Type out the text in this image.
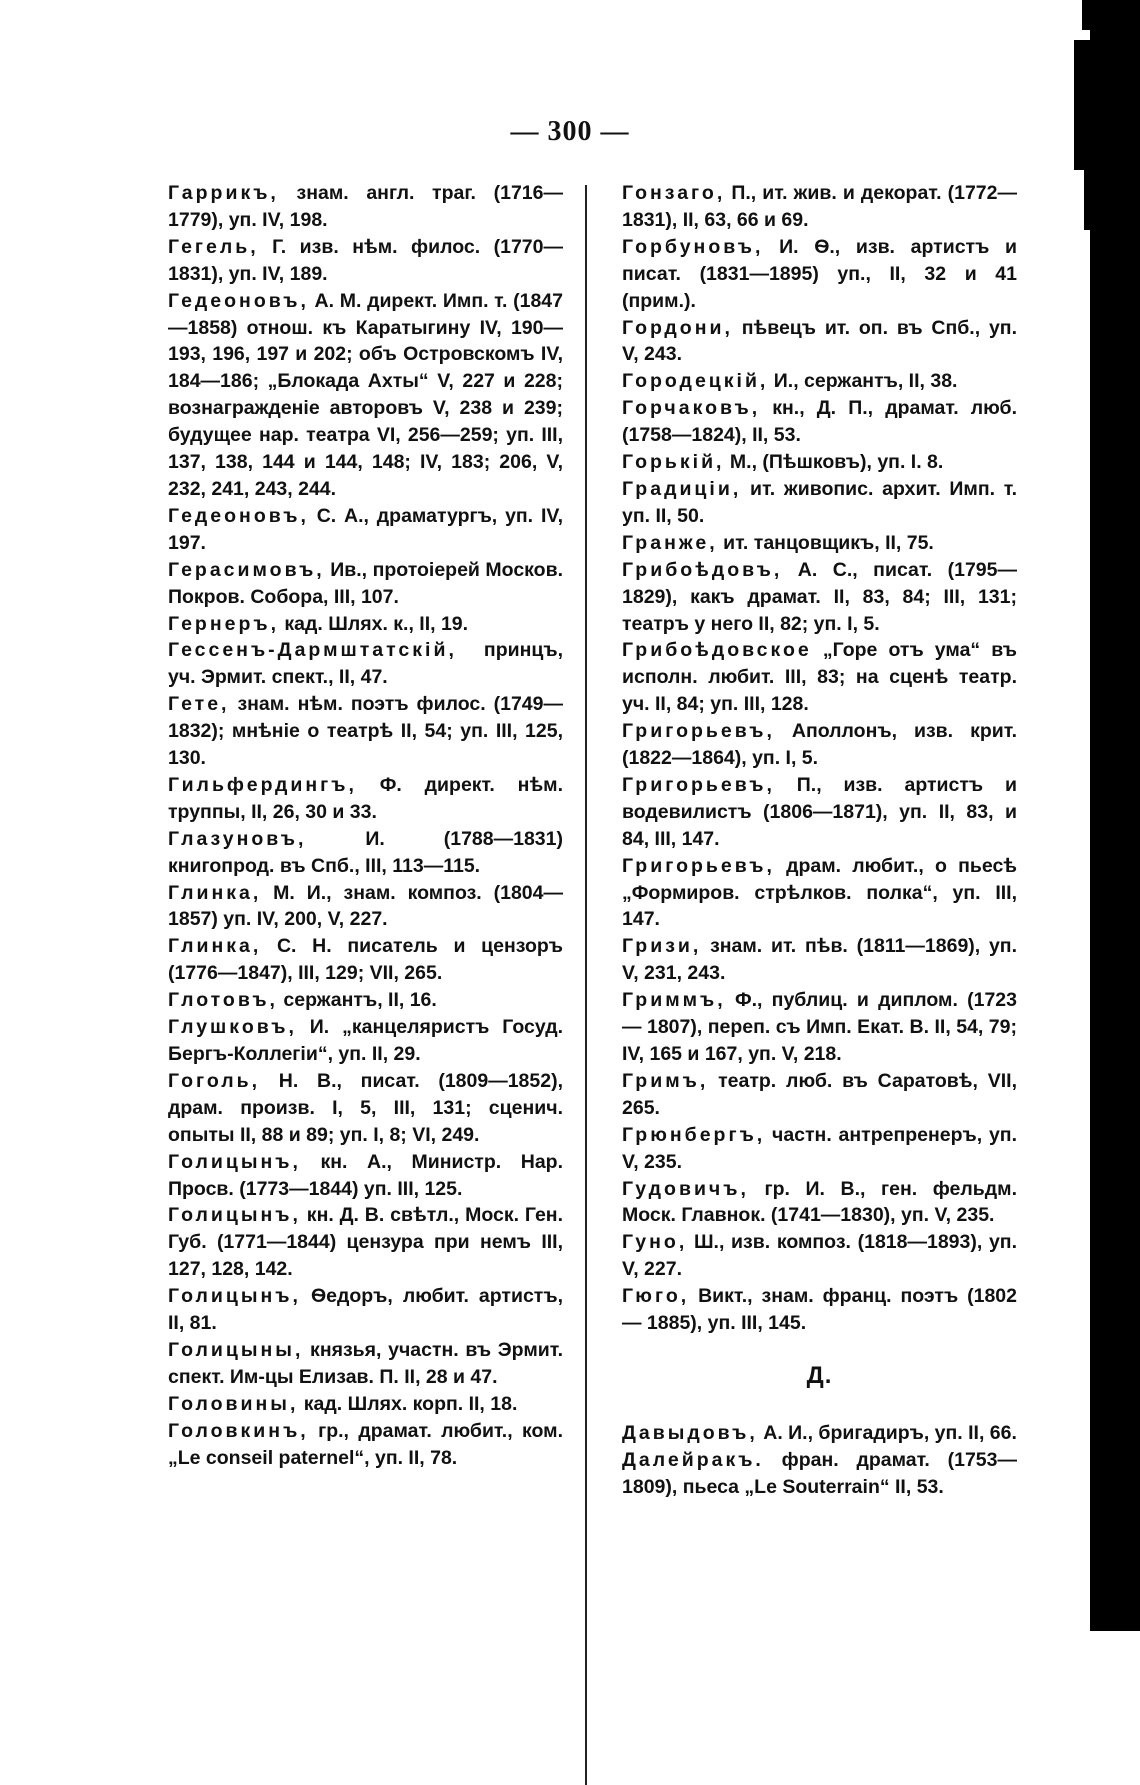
— 300 —
Гаррикъ, знам. англ. траг. (1716—1779), уп. IV, 198.
Гегель, Г. изв. нѣм. филос. (1770— 1831), уп. IV, 189.
Гедеоновъ, А. М. директ. Имп. т. (1847—1858) отнош. къ Каратыгину IV, 190—193, 196, 197 и 202; объ Островскомъ IV, 184—186; „Блокада Ахты“ V, 227 и 228; вознагражденіе авторовъ V, 238 и 239; будущее нар. театра VI, 256—259; уп. III, 137, 138, 144 и 144, 148; IV, 183; 206, V, 232, 241, 243, 244.
Гедеоновъ, С. А., драматургъ, уп. IV, 197.
Герасимовъ, Ив., протоіерей Москов. Покров. Собора, III, 107.
Гернеръ, кад. Шлях. к., II, 19.
Гессенъ-Дармштатскій, принцъ, уч. Эрмит. спект., II, 47.
Гете, знам. нѣм. поэтъ филос. (1749— 1832); мнѣніе о театрѣ II, 54; уп. III, 125, 130.
Гильфердингъ, Ф. директ. нѣм. труппы, II, 26, 30 и 33.
Глазуновъ, И. (1788—1831) книгопрод. въ Спб., III, 113—115.
Глинка, М. И., знам. композ. (1804— 1857) уп. IV, 200, V, 227.
Глинка, С. Н. писатель и цензоръ (1776—1847), III, 129; VII, 265.
Глотовъ, сержантъ, II, 16.
Глушковъ, И. „канцеляристъ Госуд. Бергъ-Коллегіи“, уп. II, 29.
Гоголь, Н. В., писат. (1809—1852), драм. произв. I, 5, III, 131; сценич. опыты II, 88 и 89; уп. I, 8; VI, 249.
Голицынъ, кн. А., Министр. Нар. Просв. (1773—1844) уп. III, 125.
Голицынъ, кн. Д. В. свѣтл., Моск. Ген. Губ. (1771—1844) цензура при немъ III, 127, 128, 142.
Голицынъ, Ѳедоръ, любит. артистъ, II, 81.
Голицыны, князья, участн. въ Эрмит. спект. Им-цы Елизав. П. II, 28 и 47.
Головины, кад. Шлях. корп. II, 18.
Головкинъ, гр., драмат. любит., ком. „Le conseil paternel“, уп. II, 78.
Гонзаго, П., ит. жив. и декорат. (1772— 1831), II, 63, 66 и 69.
Горбуновъ, И. Ѳ., изв. артистъ и писат. (1831—1895) уп., II, 32 и 41 (прим.).
Гордони, пѣвецъ ит. оп. въ Спб., уп. V, 243.
Городецкій, И., сержантъ, II, 38.
Горчаковъ, кн., Д. П., драмат. люб. (1758—1824), II, 53.
Горькій, М., (Пѣшковъ), уп. I. 8.
Градиціи, ит. живопис. архит. Имп. т. уп. II, 50.
Гранже, ит. танцовщикъ, II, 75.
Грибоѣдовъ, А. С., писат. (1795— 1829), какъ драмат. II, 83, 84; III, 131; театръ у него II, 82; уп. I, 5.
Грибоѣдовское „Горе отъ ума“ въ исполн. любит. III, 83; на сценѣ театр. уч. II, 84; уп. III, 128.
Григорьевъ, Аполлонъ, изв. крит. (1822—1864), уп. I, 5.
Григорьевъ, П., изв. артистъ и водевилистъ (1806—1871), уп. II, 83, и 84, III, 147.
Григорьевъ, драм. любит., о пьесѣ „Формиров. стрѣлков. полка“, уп. III, 147.
Гризи, знам. ит. пѣв. (1811—1869), уп. V, 231, 243.
Гриммъ, Ф., публиц. и диплом. (1723— 1807), переп. съ Имп. Екат. В. II, 54, 79; IV, 165 и 167, уп. V, 218.
Гримъ, театр. люб. въ Саратовѣ, VII, 265.
Грюнбергъ, частн. антрепренеръ, уп. V, 235.
Гудовичъ, гр. И. В., ген. фельдм. Моск. Главнок. (1741—1830), уп. V, 235.
Гуно, Ш., изв. композ. (1818—1893), уп. V, 227.
Гюго, Викт., знам. франц. поэтъ (1802— 1885), уп. III, 145.
Д.
Давыдовъ, А. И., бригадиръ, уп. II, 66.
Далейракъ. фран. драмат. (1753—1809), пьеса „Le Souterrain“ II, 53.
